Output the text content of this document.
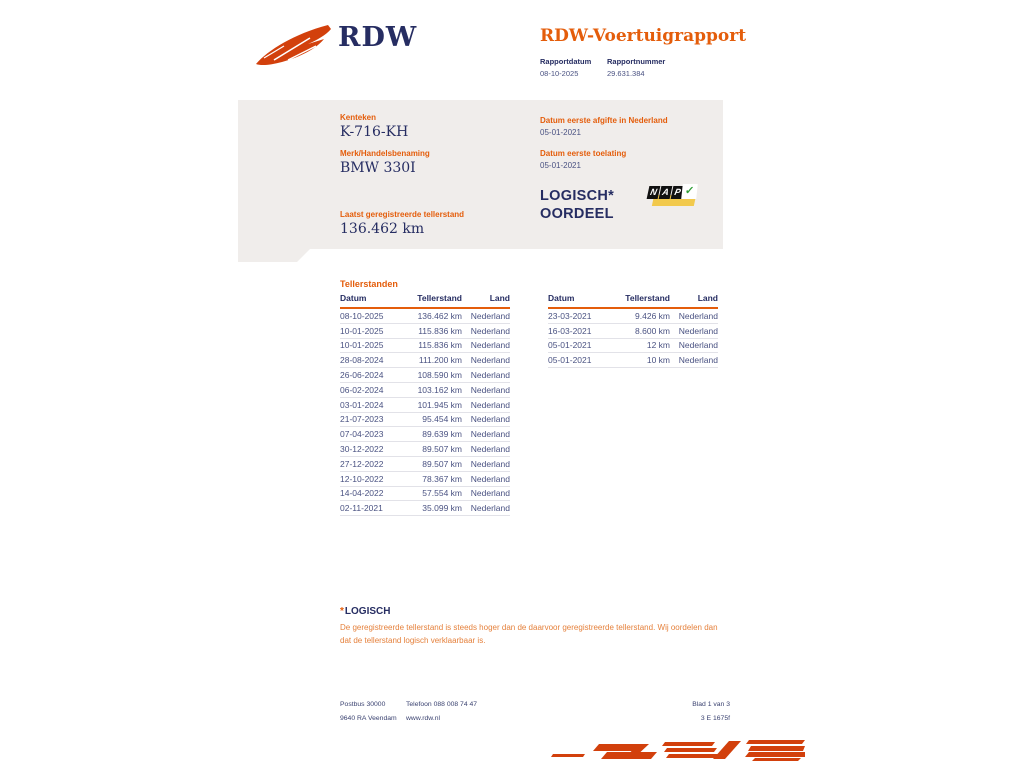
RDW	RDW-Voertuigrapport
Rapportdatum
08-10-2025
Rapportnummer
29.631.384
Kenteken
K-716-KH
Merk/Handelsbenaming
BMW 330I
Laatst geregistreerde tellerstand
136.462 km
Datum eerste afgifte in Nederland
05-01-2021
Datum eerste toelating
05-01-2021
LOGISCH*
OORDEEL
N A P ✓
Tellerstanden
Datum	Tellerstand	Land
08-10-2025	136.462 km	Nederland
10-01-2025	115.836 km	Nederland
10-01-2025	115.836 km	Nederland
28-08-2024	111.200 km	Nederland
26-06-2024	108.590 km	Nederland
06-02-2024	103.162 km	Nederland
03-01-2024	101.945 km	Nederland
21-07-2023	95.454 km	Nederland
07-04-2023	89.639 km	Nederland
30-12-2022	89.507 km	Nederland
27-12-2022	89.507 km	Nederland
12-10-2022	78.367 km	Nederland
14-04-2022	57.554 km	Nederland
02-11-2021	35.099 km	Nederland
Datum	Tellerstand	Land
23-03-2021	9.426 km	Nederland
16-03-2021	8.600 km	Nederland
05-01-2021	12 km	Nederland
05-01-2021	10 km	Nederland
*LOGISCH
De geregistreerde tellerstand is steeds hoger dan de daarvoor geregistreerde tellerstand. Wij oordelen dan
dat de tellerstand logisch verklaarbaar is.
Postbus 30000
9640 RA Veendam
Telefoon 088 008 74 47
www.rdw.nl
Blad 1 van 3
3 E 1675f
